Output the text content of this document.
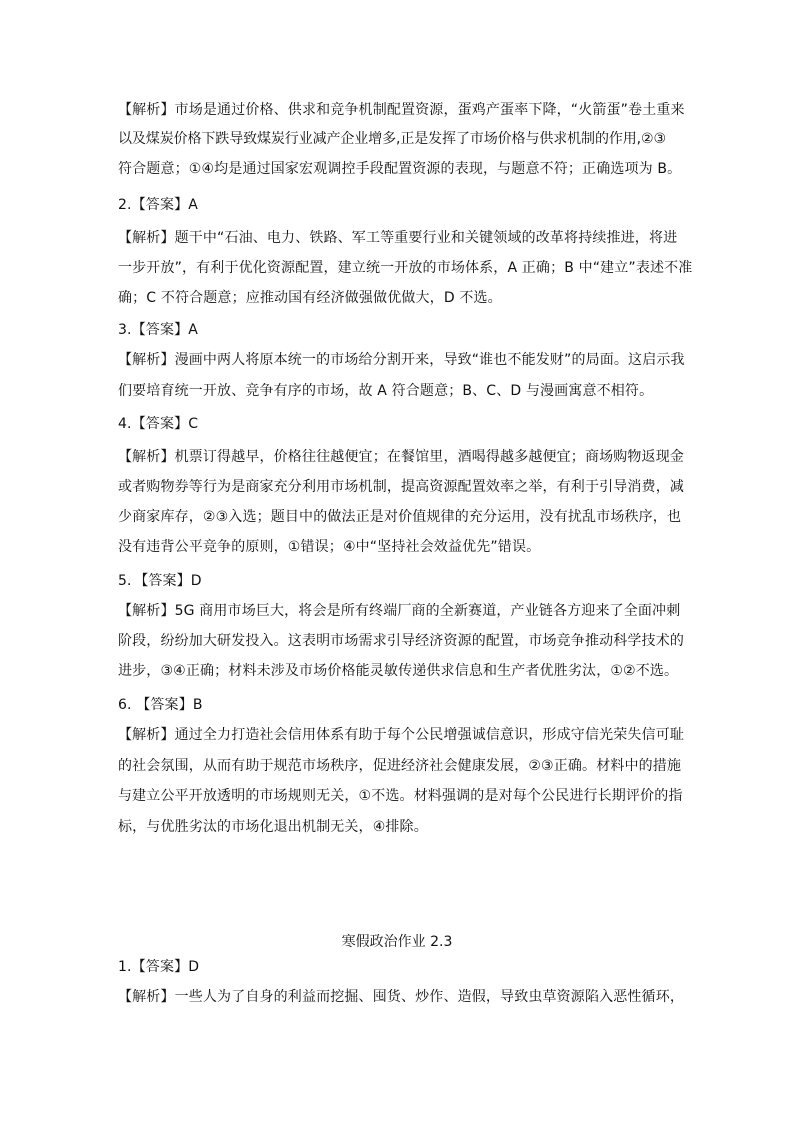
【解析】市场是通过价格、供求和竞争机制配置资源，蛋鸡产蛋率下降，“火箭蛋”卷土重来
以及煤炭价格下跌导致煤炭行业减产企业增多,正是发挥了市场价格与供求机制的作用,②③
符合题意；①④均是通过国家宏观调控手段配置资源的表现，与题意不符；正确选项为 B。
2.【答案】A
【解析】题干中“石油、电力、铁路、军工等重要行业和关键领域的改革将持续推进，将进
一步开放”，有利于优化资源配置，建立统一开放的市场体系，A 正确；B 中“建立”表述不准
确；C 不符合题意；应推动国有经济做强做优做大，D 不选。
3.【答案】A
【解析】漫画中两人将原本统一的市场给分割开来，导致“谁也不能发财”的局面。这启示我
们要培育统一开放、竞争有序的市场，故 A 符合题意；B、C、D 与漫画寓意不相符。
4.【答案】C
【解析】机票订得越早，价格往往越便宜；在餐馆里，酒喝得越多越便宜；商场购物返现金
或者购物券等行为是商家充分利用市场机制，提高资源配置效率之举，有利于引导消费，减
少商家库存，②③入选；题目中的做法正是对价值规律的充分运用，没有扰乱市场秩序，也
没有违背公平竞争的原则，①错误；④中“坚持社会效益优先”错误。
5．【答案】D
【解析】5G 商用市场巨大，将会是所有终端厂商的全新赛道，产业链各方迎来了全面冲刺
阶段，纷纷加大研发投入。这表明市场需求引导经济资源的配置，市场竞争推动科学技术的
进步，③④正确；材料未涉及市场价格能灵敏传递供求信息和生产者优胜劣汰，①②不选。
6. 【答案】B
【解析】通过全力打造社会信用体系有助于每个公民增强诚信意识，形成守信光荣失信可耻
的社会氛围，从而有助于规范市场秩序，促进经济社会健康发展，②③正确。材料中的措施
与建立公平开放透明的市场规则无关，①不选。材料强调的是对每个公民进行长期评价的指
标，与优胜劣汰的市场化退出机制无关，④排除。
寒假政治作业 2.3
1.【答案】D
【解析】一些人为了自身的利益而挖掘、囤货、炒作、造假，导致虫草资源陷入恶性循环，
